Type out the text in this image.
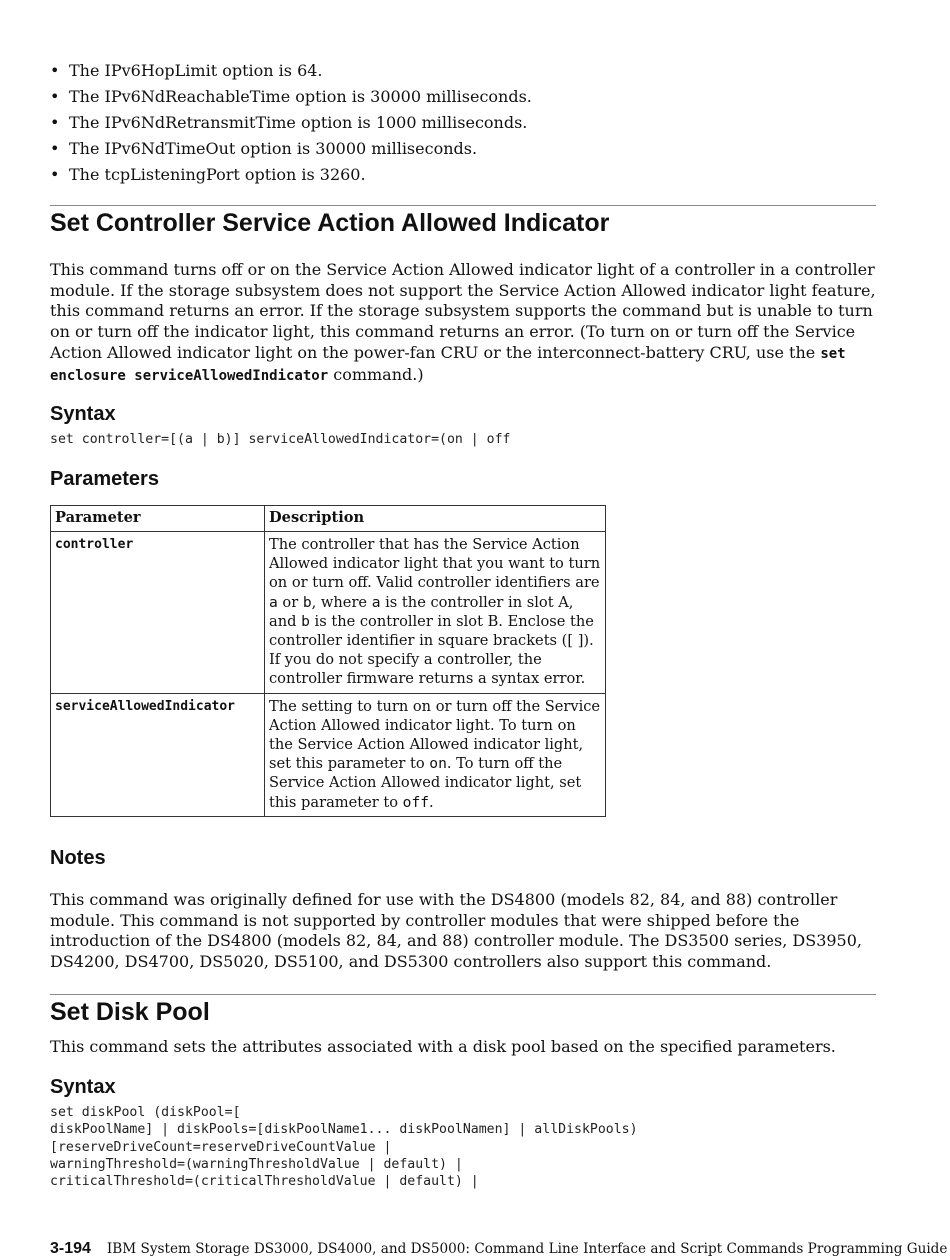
• The IPv6HopLimit option is 64.
• The IPv6NdReachableTime option is 30000 milliseconds.
• The IPv6NdRetransmitTime option is 1000 milliseconds.
• The IPv6NdTimeOut option is 30000 milliseconds.
• The tcpListeningPort option is 3260.
Set Controller Service Action Allowed Indicator

This command turns off or on the Service Action Allowed indicator light of a controller in a controller module. If the storage subsystem does not support the Service Action Allowed indicator light feature, this command returns an error. If the storage subsystem supports the command but is unable to turn on or turn off the indicator light, this command returns an error. (To turn on or turn off the Service Action Allowed indicator light on the power-fan CRU or the interconnect-battery CRU, use the set enclosure serviceAllowedIndicator command.)

Syntax
set controller=[(a | b)] serviceAllowedIndicator=(on | off
Parameters
Parameter	Description
controller	The controller that has the Service Action Allowed indicator light that you want to turn on or turn off. Valid controller identifiers are a or b, where a is the controller in slot A, and b is the controller in slot B. Enclose the controller identifier in square brackets ([ ]). If you do not specify a controller, the controller firmware returns a syntax error.
serviceAllowedIndicator	The setting to turn on or turn off the Service Action Allowed indicator light. To turn on the Service Action Allowed indicator light, set this parameter to on. To turn off the Service Action Allowed indicator light, set this parameter to off.
Notes

This command was originally defined for use with the DS4800 (models 82, 84, and 88) controller module. This command is not supported by controller modules that were shipped before the introduction of the DS4800 (models 82, 84, and 88) controller module. The DS3500 series, DS3950, DS4200, DS4700, DS5020, DS5100, and DS5300 controllers also support this command.

Set Disk Pool

This command sets the attributes associated with a disk pool based on the specified parameters.

Syntax
set diskPool (diskPool=[
diskPoolName] | diskPools=[diskPoolName1... diskPoolNamen] | allDiskPools)
[reserveDriveCount=reserveDriveCountValue |
warningThreshold=(warningThresholdValue | default) |
criticalThreshold=(criticalThresholdValue | default) |
3-194 IBM System Storage DS3000, DS4000, and DS5000: Command Line Interface and Script Commands Programming Guide
